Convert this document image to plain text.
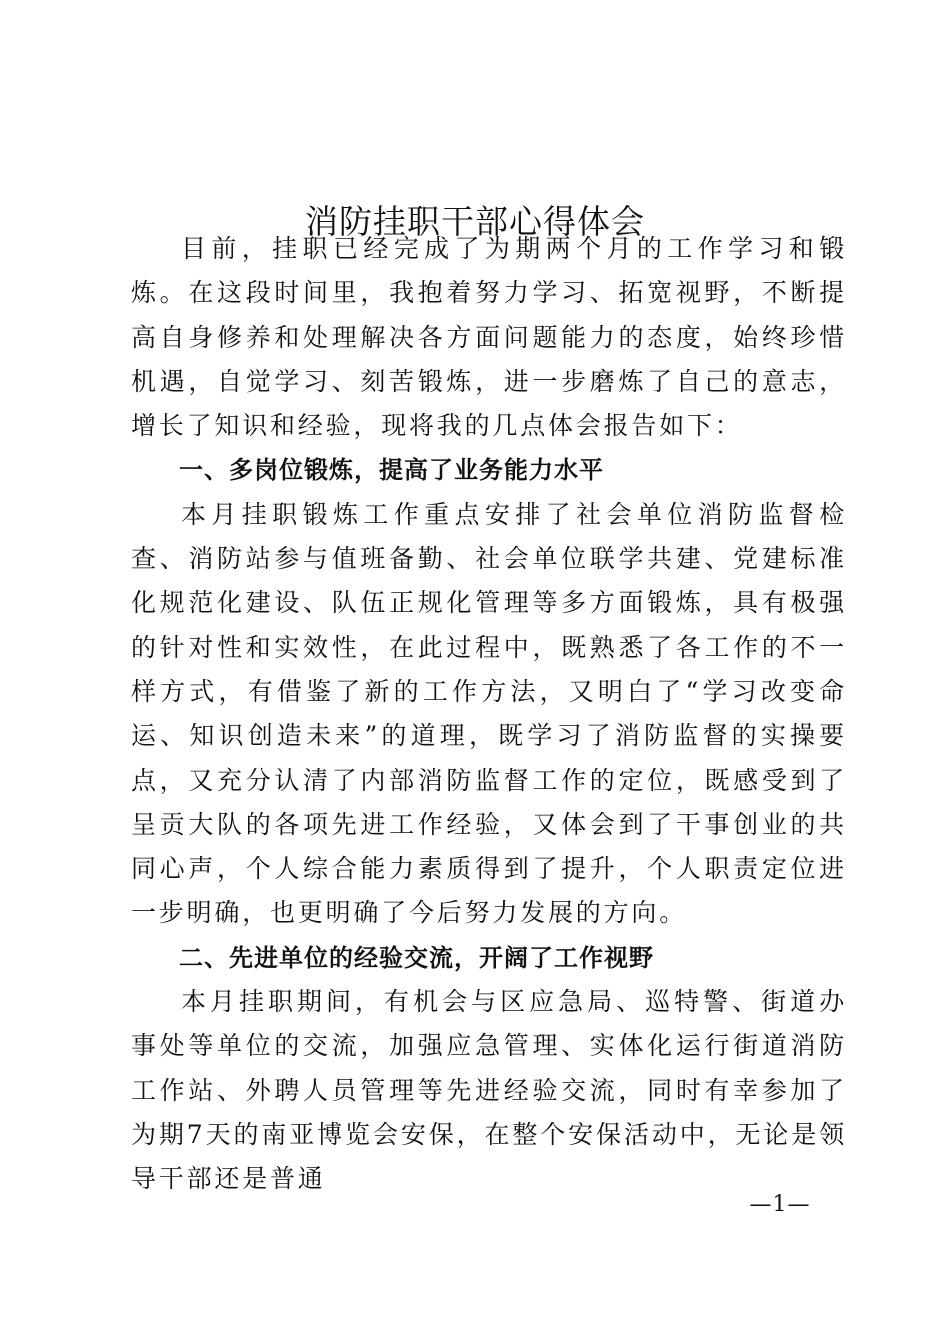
消防挂职干部心得体会

目前，挂职已经完成了为期两个月的工作学习和锻炼。在这段时间里，我抱着努力学习、拓宽视野，不断提高自身修养和处理解决各方面问题能力的态度，始终珍惜机遇，自觉学习、刻苦锻炼，进一步磨炼了自己的意志，增长了知识和经验，现将我的几点体会报告如下：

一、多岗位锻炼，提高了业务能力水平

本月挂职锻炼工作重点安排了社会单位消防监督检查、消防站参与值班备勤、社会单位联学共建、党建标准化规范化建设、队伍正规化管理等多方面锻炼，具有极强的针对性和实效性，在此过程中，既熟悉了各工作的不一样方式，有借鉴了新的工作方法，又明白了“学习改变命运、知识创造未来”的道理，既学习了消防监督的实操要点，又充分认清了内部消防监督工作的定位，既感受到了呈贡大队的各项先进工作经验，又体会到了干事创业的共同心声，个人综合能力素质得到了提升，个人职责定位进一步明确，也更明确了今后努力发展的方向。

二、先进单位的经验交流，开阔了工作视野

本月挂职期间，有机会与区应急局、巡特警、街道办事处等单位的交流，加强应急管理、实体化运行街道消防工作站、外聘人员管理等先进经验交流，同时有幸参加了为期7天的南亚博览会安保，在整个安保活动中，无论是领导干部还是普通

—1—
